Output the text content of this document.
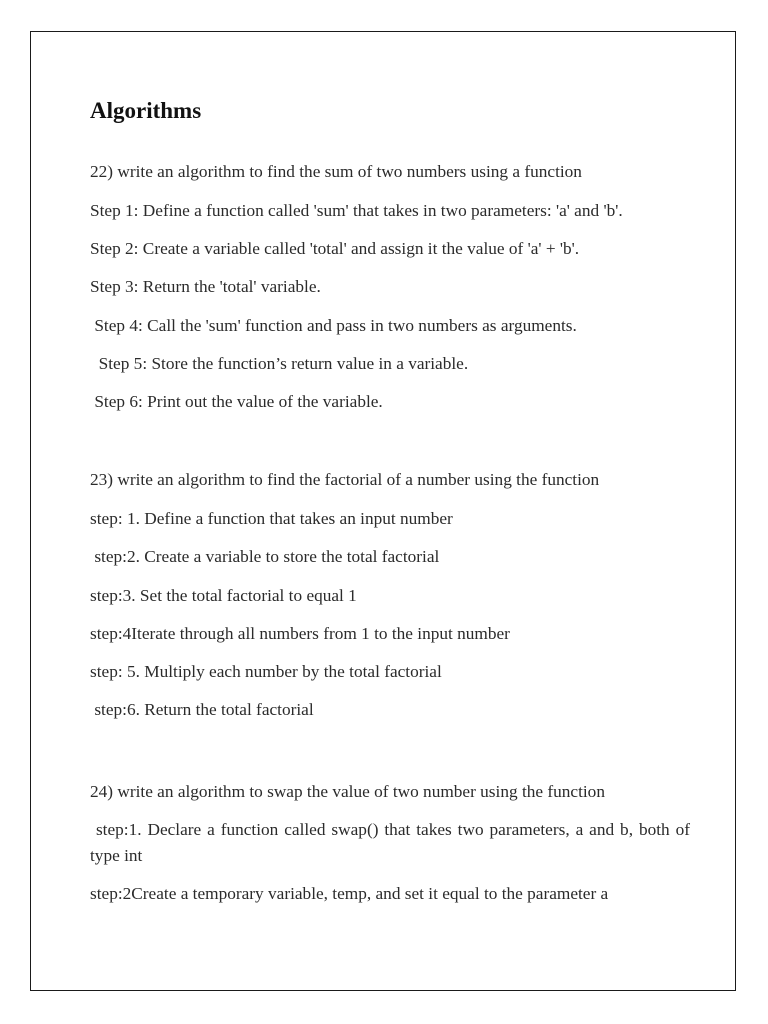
Algorithms

22) write an algorithm to find the sum of two numbers using a function

Step 1: Define a function called 'sum' that takes in two parameters: 'a' and 'b'.

Step 2: Create a variable called 'total' and assign it the value of 'a' + 'b'.

Step 3: Return the 'total' variable.

Step 4: Call the 'sum' function and pass in two numbers as arguments.

Step 5: Store the function’s return value in a variable.

Step 6: Print out the value of the variable.

23) write an algorithm to find the factorial of a number using the function

step: 1. Define a function that takes an input number

step:2. Create a variable to store the total factorial

step:3. Set the total factorial to equal 1

step:4Iterate through all numbers from 1 to the input number

step: 5. Multiply each number by the total factorial

step:6. Return the total factorial

24) write an algorithm to swap the value of two number using the function

step:1. Declare a function called swap() that takes two parameters, a and b, both of type int

step:2Create a temporary variable, temp, and set it equal to the parameter a
